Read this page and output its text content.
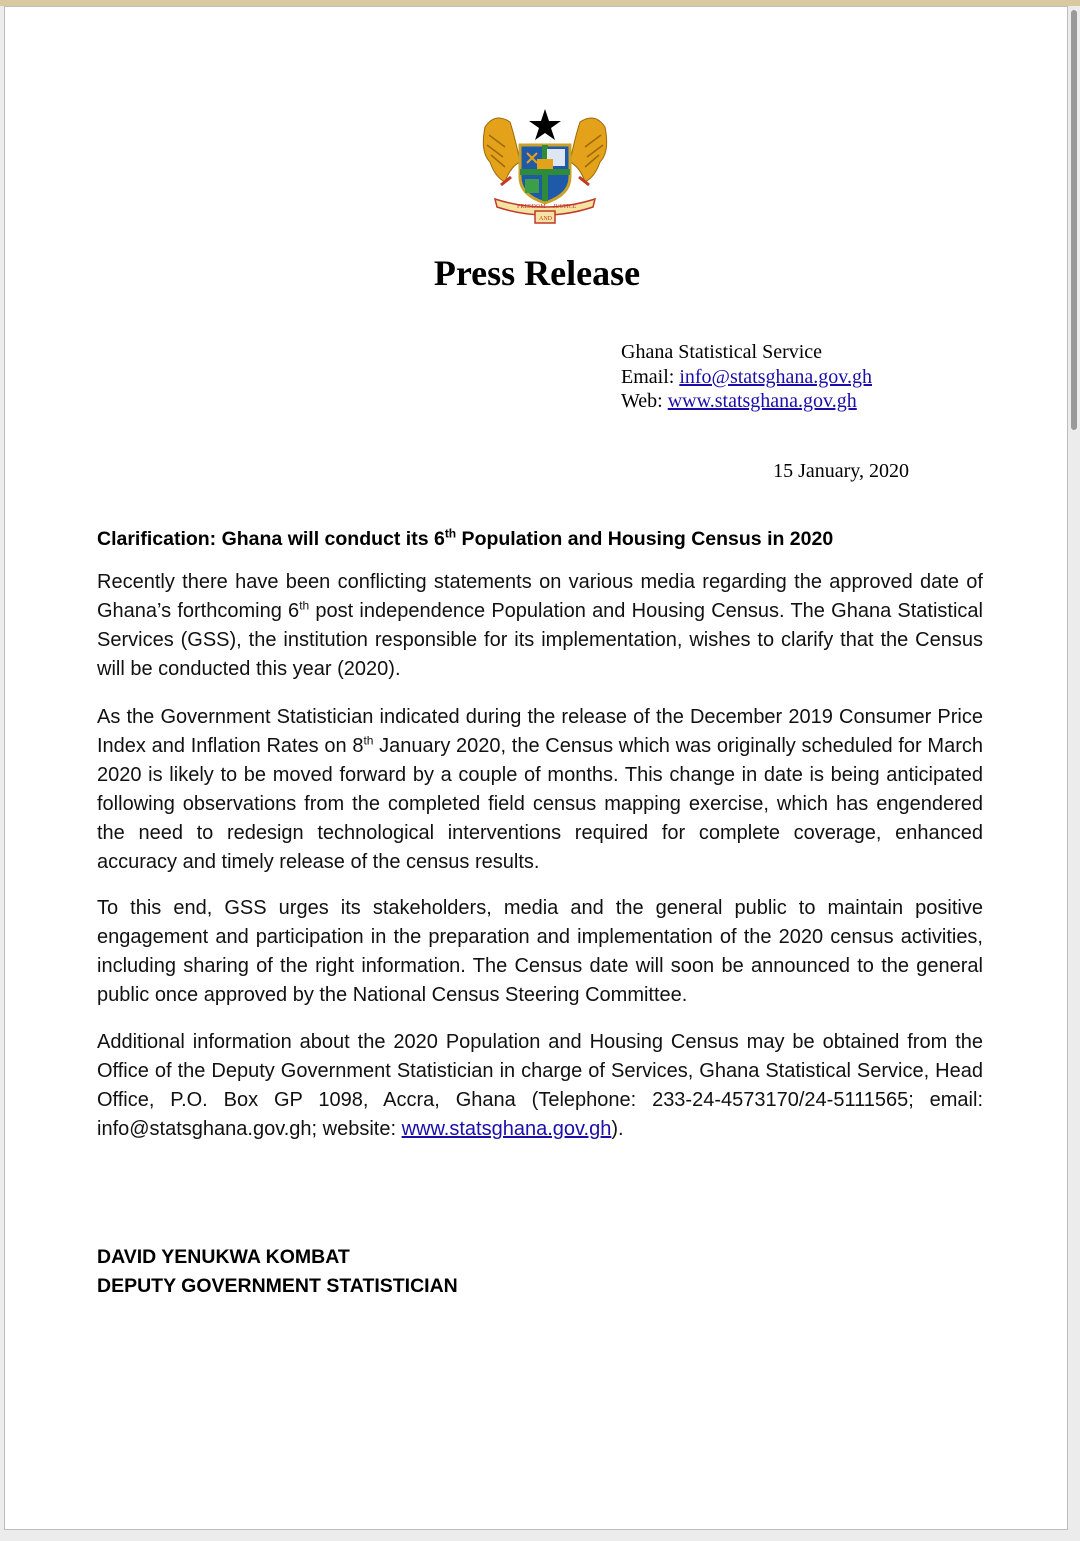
FREEDOM
AND
JUSTICE
Press Release
Ghana Statistical Service
Email: info@statsghana.gov.gh
Web: www.statsghana.gov.gh
15 January, 2020

Clarification: Ghana will conduct its 6th Population and Housing Census in 2020

Recently there have been conflicting statements on various media regarding the approved date of Ghana’s forthcoming 6th post independence Population and Housing Census. The Ghana Statistical Services (GSS), the institution responsible for its implementation, wishes to clarify that the Census will be conducted this year (2020).

As the Government Statistician indicated during the release of the December 2019 Consumer Price Index and Inflation Rates on 8th January 2020, the Census which was originally scheduled for March 2020 is likely to be moved forward by a couple of months. This change in date is being anticipated following observations from the completed field census mapping exercise, which has engendered the need to redesign technological interventions required for complete coverage, enhanced accuracy and timely release of the census results.

To this end, GSS urges its stakeholders, media and the general public to maintain positive engagement and participation in the preparation and implementation of the 2020 census activities, including sharing of the right information. The Census date will soon be announced to the general public once approved by the National Census Steering Committee.

Additional information about the 2020 Population and Housing Census may be obtained from the Office of the Deputy Government Statistician in charge of Services, Ghana Statistical Service, Head Office, P.O. Box GP 1098, Accra, Ghana (Telephone: 233-24-4573170/24-5111565; email: info@statsghana.gov.gh; website: www.statsghana.gov.gh).

DAVID YENUKWA KOMBAT

DEPUTY GOVERNMENT STATISTICIAN
